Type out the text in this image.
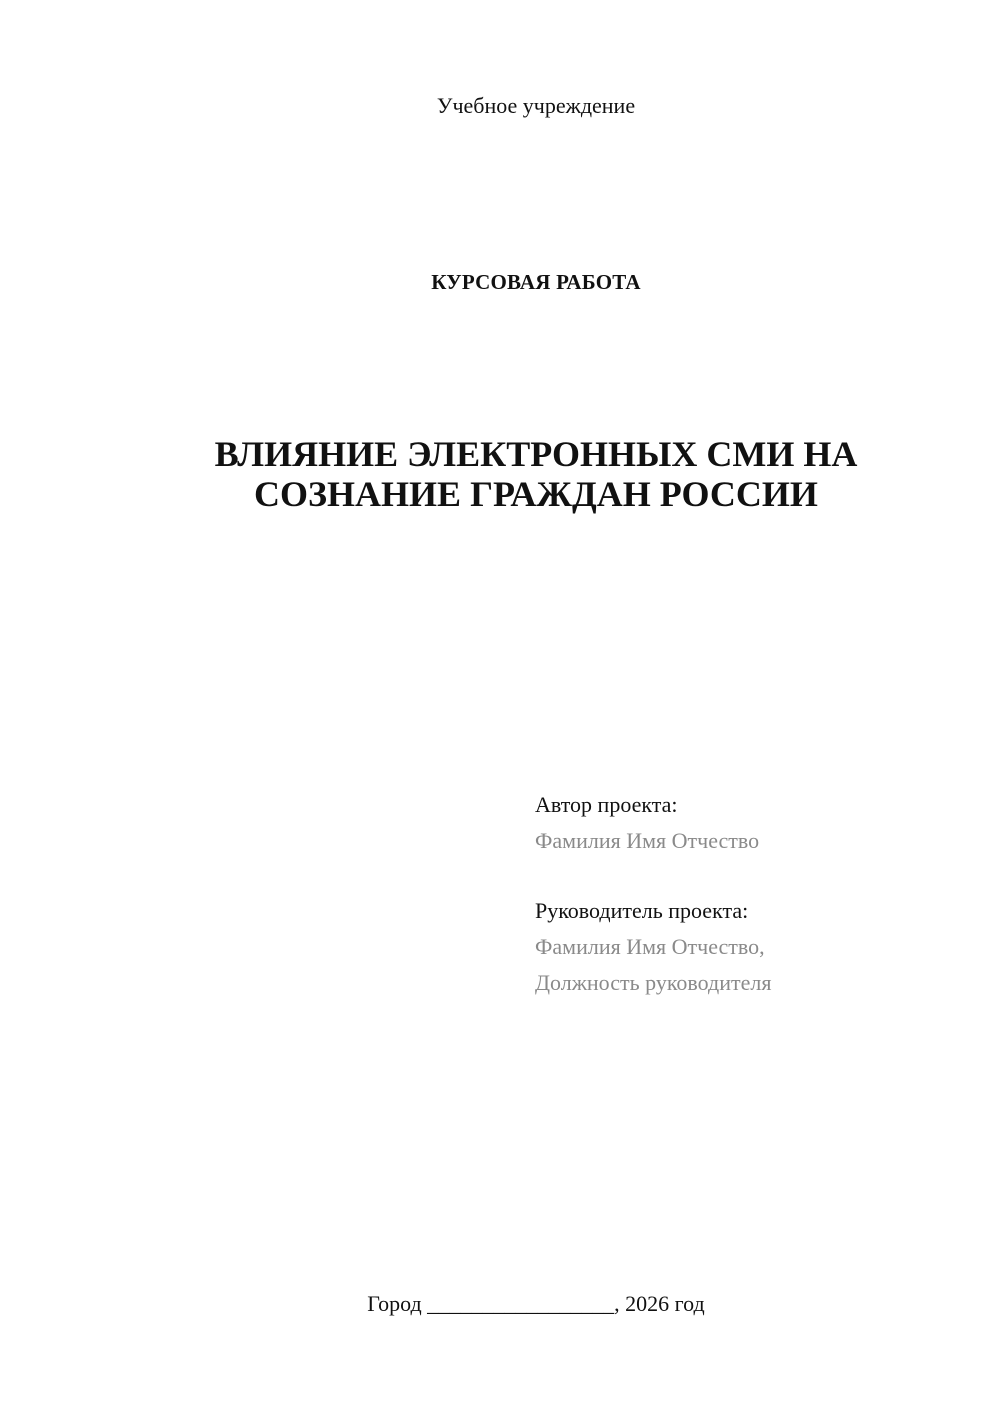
Учебное учреждение
КУРСОВАЯ РАБОТА
ВЛИЯНИЕ ЭЛЕКТРОННЫХ СМИ НА
СОЗНАНИЕ ГРАЖДАН РОССИИ
Автор проекта:
Фамилия Имя Отчество
Руководитель проекта:
Фамилия Имя Отчество,
Должность руководителя
Город _________________, 2026 год
